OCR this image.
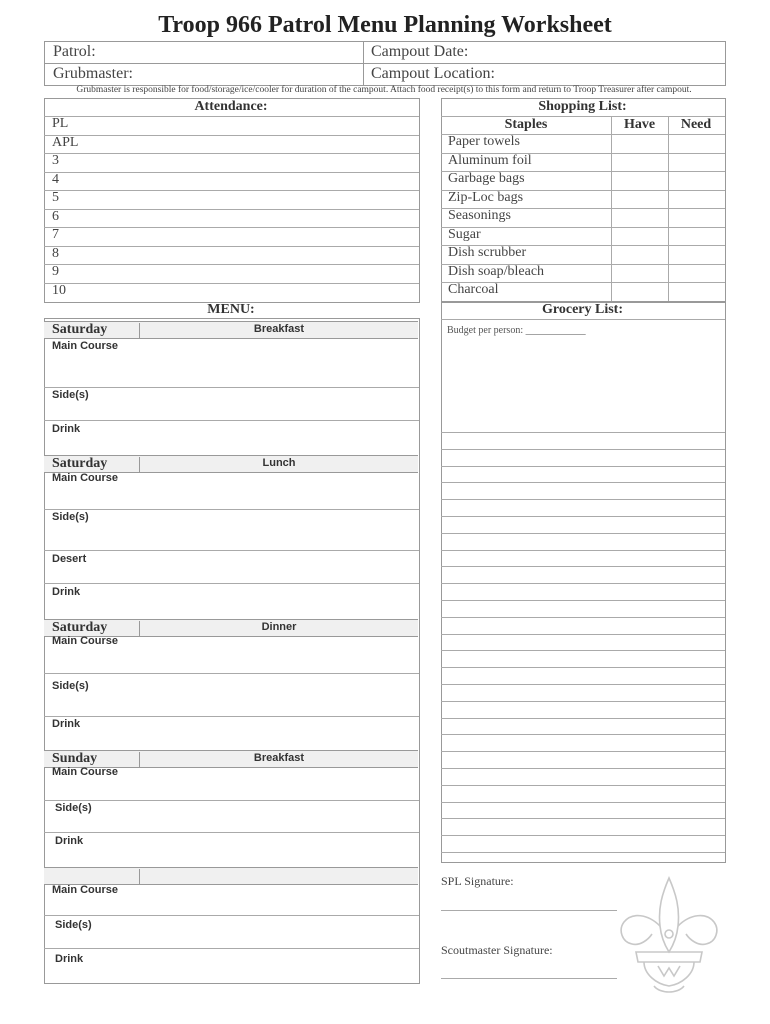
Troop 966 Patrol Menu Planning Worksheet
Patrol:
Grubmaster:
Campout Date:
Campout Location:
Grubmaster is responsible for food/storage/ice/cooler for duration of the campout. Attach food receipt(s) to this form and return to Troop Treasurer after campout.
Attendance:
PL
APL
3
4
5
6
7
8
9
10
MENU:
Saturday	Breakfast
Main Course
Side(s)
Drink
Saturday	Lunch
Main Course
Side(s)
Desert
Drink
Saturday	Dinner
Main Course
Side(s)
Drink
Sunday	Breakfast
Main Course
Side(s)
Drink
Main Course
Side(s)
Drink
Shopping List:
Staples	Have	Need
Paper towels
Aluminum foil
Garbage bags
Zip-Loc bags
Seasonings
Sugar
Dish scrubber
Dish soap/bleach
Charcoal
Grocery List:
Budget per person: ____________
SPL Signature:
Scoutmaster Signature:
